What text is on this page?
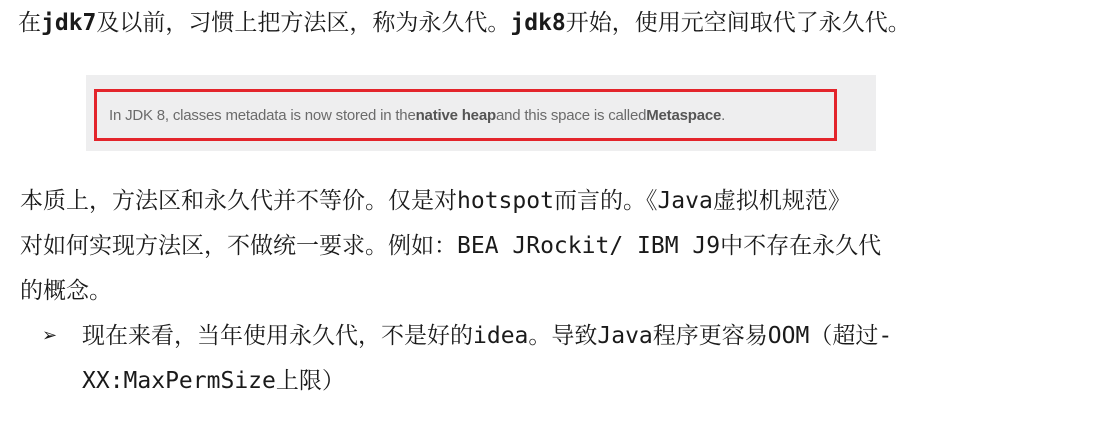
在jdk7及以前，习惯上把方法区，称为永久代。jdk8开始，使用元空间取代了永久代。
In JDK 8, classes metadata is now stored in the native heap and this space is called Metaspace .
本质上，方法区和永久代并不等价。仅是对hotspot而言的。《Java虚拟机规范》
对如何实现方法区，不做统一要求。例如：BEA JRockit/ IBM J9中不存在永久代
的概念。
➢ 现在来看，当年使用永久代，不是好的idea。导致Java程序更容易OOM（超过-
XX:MaxPermSize上限）
